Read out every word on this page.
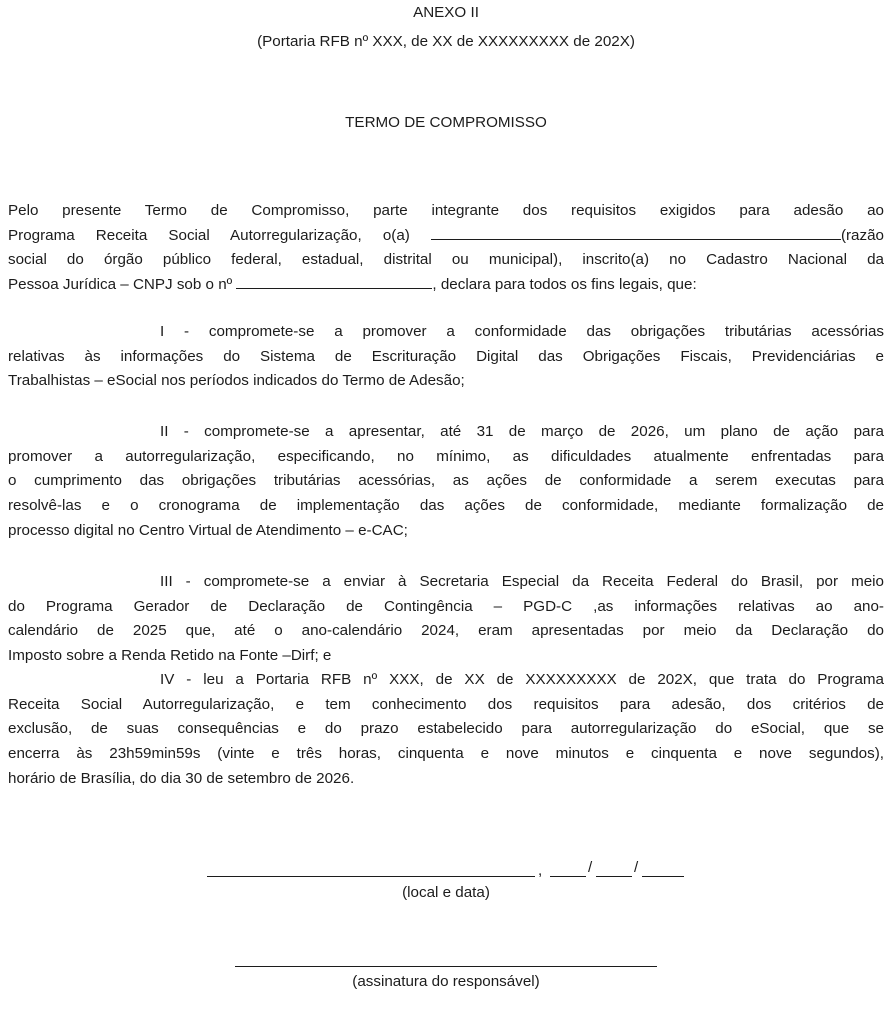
ANEXO II
(Portaria RFB nº XXX, de XX de XXXXXXXXX de 202X)
TERMO DE COMPROMISSO
Pelo presente Termo de Compromisso, parte integrante dos requisitos exigidos para adesão ao
Programa Receita Social Autorregularização, o(a)	(razão
social do órgão público federal, estadual, distrital ou municipal), inscrito(a) no Cadastro Nacional da
Pessoa Jurídica – CNPJ sob o nº	, declara para todos os fins legais, que:
I - compromete-se a promover a conformidade das obrigações tributárias acessórias
relativas às informações do Sistema de Escrituração Digital das Obrigações Fiscais, Previdenciárias e
Trabalhistas – eSocial nos períodos indicados do Termo de Adesão;
II - compromete-se a apresentar, até 31 de março de 2026, um plano de ação para
promover a autorregularização, especificando, no mínimo, as dificuldades atualmente enfrentadas para
o cumprimento das obrigações tributárias acessórias, as ações de conformidade a serem executas para
resolvê-las e o cronograma de implementação das ações de conformidade, mediante formalização de
processo digital no Centro Virtual de Atendimento – e-CAC;
III - compromete-se a enviar à Secretaria Especial da Receita Federal do Brasil, por meio
do Programa Gerador de Declaração de Contingência – PGD-C ,as informações relativas ao ano-
calendário de 2025 que, até o ano-calendário 2024, eram apresentadas por meio da Declaração do
Imposto sobre a Renda Retido na Fonte –Dirf; e
IV - leu a Portaria RFB nº XXX, de XX de XXXXXXXXX de 202X, que trata do Programa
Receita Social Autorregularização, e tem conhecimento dos requisitos para adesão, dos critérios de
exclusão, de suas consequências e do prazo estabelecido para autorregularização do eSocial, que se
encerra às 23h59min59s (vinte e três horas, cinquenta e nove minutos e cinquenta e nove segundos),
horário de Brasília, do dia 30 de setembro de 2026.
,	/	/
(local e data)
(assinatura do responsável)
